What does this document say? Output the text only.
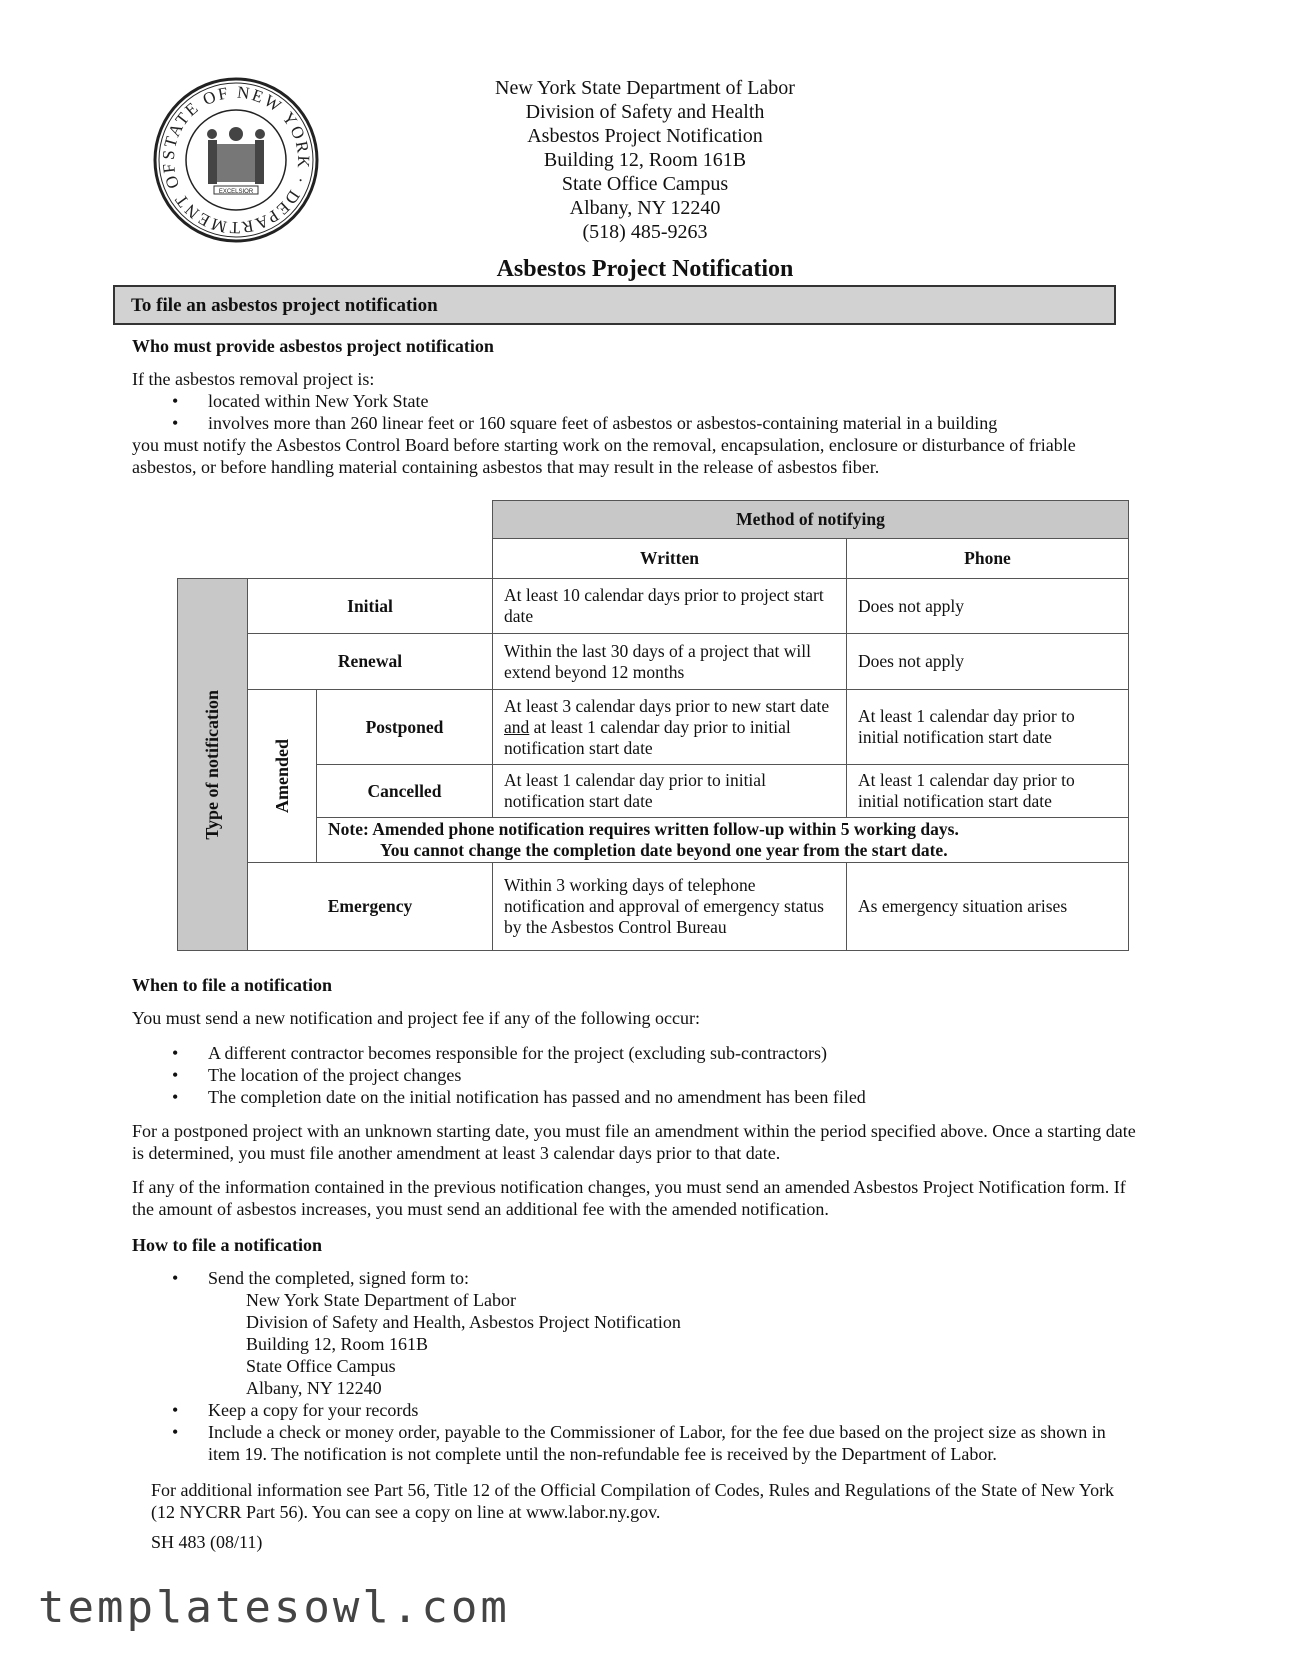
STATE OF NEW YORK · DEPARTMENT OF
EXCELSIOR
New York State Department of Labor
Division of Safety and Health
Asbestos Project Notification
Building 12, Room 161B
State Office Campus
Albany, NY 12240
(518) 485-9263
Asbestos Project Notification
To file an asbestos project notification
Who must provide asbestos project notification
If the asbestos removal project is:
• located within New York State
• involves more than 260 linear feet or 160 square feet of asbestos or asbestos-containing material in a building
you must notify the Asbestos Control Board before starting work on the removal, encapsulation, enclosure or disturbance of friable asbestos, or before handling material containing asbestos that may result in the release of asbestos fiber.
			Method of notifying	
			Written	Phone

Type of notification	Initial		At least 10 calendar days prior to project start date	Does not apply
	Renewal		Within the last 30 days of a project that will extend beyond 12 months	Does not apply

	Amended	Postponed	At least 3 calendar days prior to new start date and at least 1 calendar day prior to initial notification start date	At least 1 calendar day prior to initial notification start date
		Cancelled	At least 1 calendar day prior to initial notification start date	At least 1 calendar day prior to initial notification start date

		Note: Amended phone notification requires written follow-up within 5 working days.
You cannot change the completion date beyond one year from the start date.		

	Emergency		Within 3 working days of telephone notification and approval of emergency status by the Asbestos Control Bureau	As emergency situation arises
When to file a notification
You must send a new notification and project fee if any of the following occur:
• A different contractor becomes responsible for the project (excluding sub-contractors)
• The location of the project changes
• The completion date on the initial notification has passed and no amendment has been filed
For a postponed project with an unknown starting date, you must file an amendment within the period specified above. Once a starting date is determined, you must file another amendment at least 3 calendar days prior to that date.
If any of the information contained in the previous notification changes, you must send an amended Asbestos Project Notification form. If the amount of asbestos increases, you must send an additional fee with the amended notification.
How to file a notification
• Send the completed, signed form to:
New York State Department of Labor
Division of Safety and Health, Asbestos Project Notification
Building 12, Room 161B
State Office Campus
Albany, NY 12240
• Keep a copy for your records
• Include a check or money order, payable to the Commissioner of Labor, for the fee due based on the project size as shown in item 19. The notification is not complete until the non-refundable fee is received by the Department of Labor.
For additional information see Part 56, Title 12 of the Official Compilation of Codes, Rules and Regulations of the State of New York (12 NYCRR Part 56). You can see a copy on line at www.labor.ny.gov.
SH 483 (08/11)
templatesowl.com
